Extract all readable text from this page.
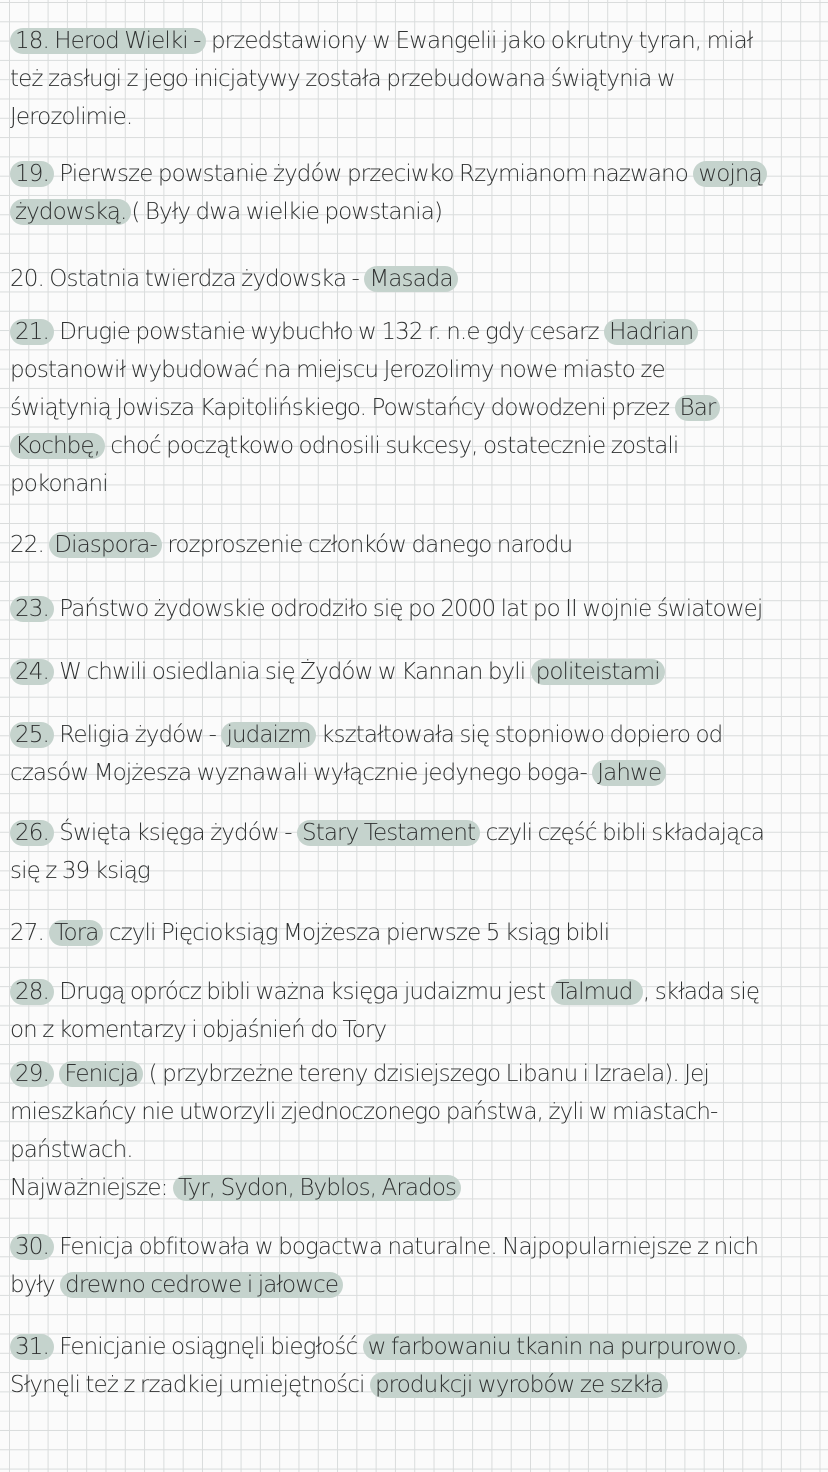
18. Herod Wielki - przedstawiony w Ewangelii jako okrutny tyran, miał
też zasługi z jego inicjatywy została przebudowana świątynia w
Jerozolimie.
19. Pierwsze powstanie żydów przeciwko Rzymianom nazwano wojną
żydowską. ( Były dwa wielkie powstania)
20. Ostatnia twierdza żydowska - Masada
21. Drugie powstanie wybuchło w 132 r. n.e gdy cesarz Hadrian
postanowił wybudować na miejscu Jerozolimy nowe miasto ze
świątynią Jowisza Kapitolińskiego. Powstańcy dowodzeni przez Bar
Kochbę, choć początkowo odnosili sukcesy, ostatecznie zostali
pokonani
22. Diaspora- rozproszenie członków danego narodu
23. Państwo żydowskie odrodziło się po 2000 lat po II wojnie światowej
24. W chwili osiedlania się Żydów w Kannan byli politeistami
25. Religia żydów - judaizm kształtowała się stopniowo dopiero od
czasów Mojżesza wyznawali wyłącznie jedynego boga- Jahwe
26. Święta księga żydów - Stary Testament czyli część bibli składająca
się z 39 ksiąg
27. Tora czyli Pięcioksiąg Mojżesza pierwsze 5 ksiąg bibli
28. Drugą oprócz bibli ważna księga judaizmu jest Talmud , składa się
on z komentarzy i objaśnień do Tory
29. Fenicja ( przybrzeżne tereny dzisiejszego Libanu i Izraela). Jej
mieszkańcy nie utworzyli zjednoczonego państwa, żyli w miastach-
państwach.
Najważniejsze: Tyr, Sydon, Byblos, Arados
30. Fenicja obfitowała w bogactwa naturalne. Najpopularniejsze z nich
były drewno cedrowe i jałowce
31. Fenicjanie osiągnęli biegłość w farbowaniu tkanin na purpurowo.
Słynęli też z rzadkiej umiejętności produkcji wyrobów ze szkła
